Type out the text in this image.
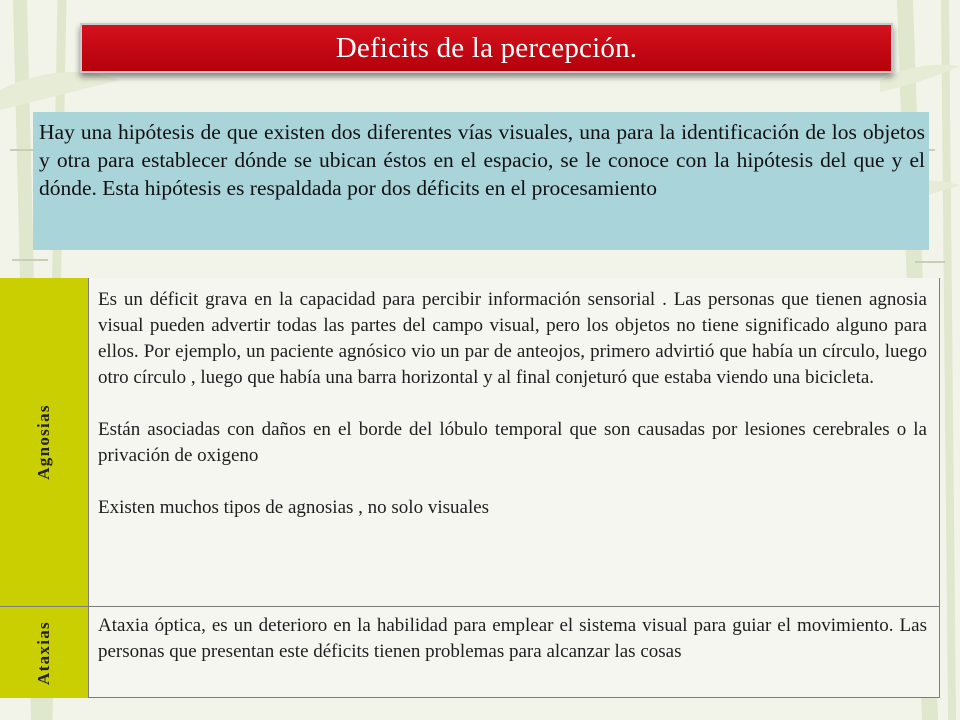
Deficits de la percepción.

Hay una hipótesis de que existen dos diferentes vías visuales, una para la identificación de los objetos y otra para establecer dónde se ubican éstos en el espacio, se le conoce con la hipótesis del que y el dónde. Esta hipótesis es respaldada por dos déficits en el procesamiento

Agnosias

Es un déficit grava en la capacidad para percibir información sensorial . Las personas que tienen agnosia visual pueden advertir todas las partes del campo visual, pero los objetos no tiene significado alguno para ellos. Por ejemplo, un paciente agnósico vio un par de anteojos, primero advirtió que había un círculo, luego otro círculo , luego que había una barra horizontal y al final conjeturó que estaba viendo una bicicleta.

Están asociadas con daños en el borde del lóbulo temporal que son causadas por lesiones cerebrales o la privación de oxigeno

Existen muchos tipos de agnosias , no solo visuales

Ataxias Ataxia óptica, es un deterioro en la habilidad para emplear el sistema visual para guiar el movimiento. Las personas que presentan este déficits tienen problemas para alcanzar las cosas
